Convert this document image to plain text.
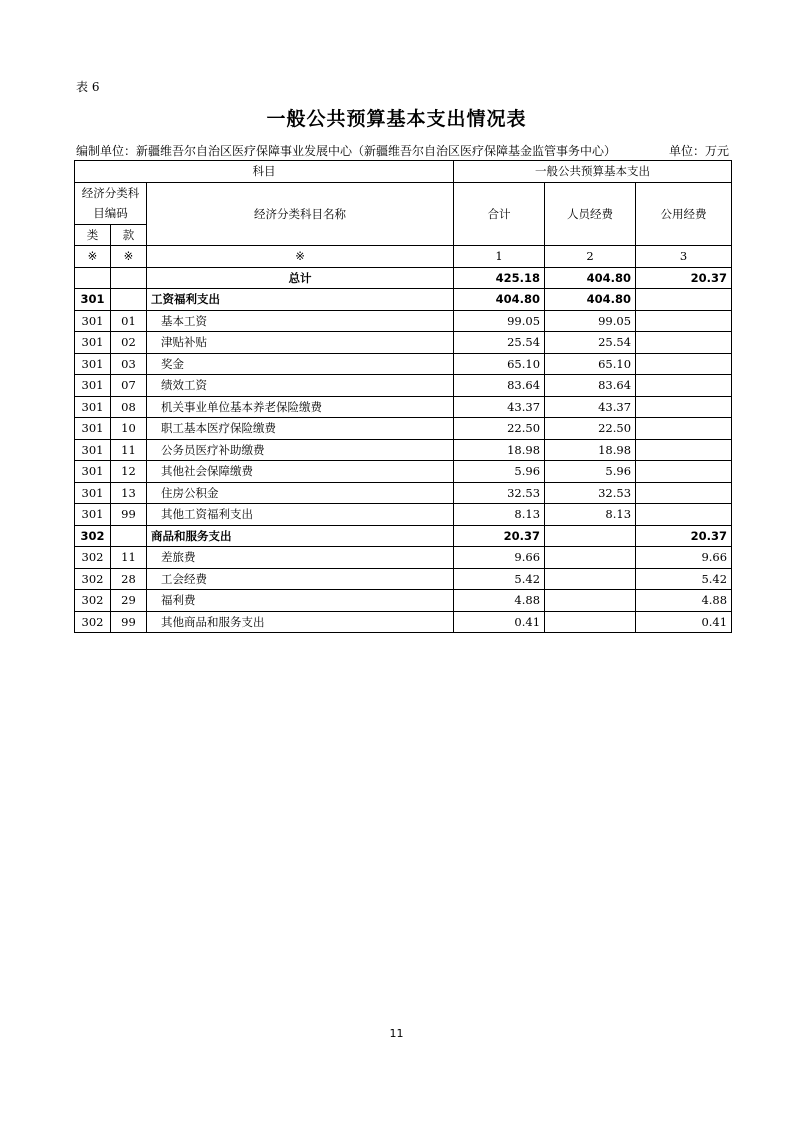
表 6
一般公共预算基本支出情况表
编制单位：新疆维吾尔自治区医疗保障事业发展中心（新疆维吾尔自治区医疗保障基金监管事务中心）	单位：万元
科目			一般公共预算基本支出		
经济分类科目编码		经济分类科目名称	合计	人员经费	公用经费
类	款				
※	※	※	1	2	3
		总计	425.18	404.80	20.37
301		工资福利支出	404.80	404.80	
301	01	基本工资	99.05	99.05	
301	02	津贴补贴	25.54	25.54	
301	03	奖金	65.10	65.10	
301	07	绩效工资	83.64	83.64	
301	08	机关事业单位基本养老保险缴费	43.37	43.37	
301	10	职工基本医疗保险缴费	22.50	22.50	
301	11	公务员医疗补助缴费	18.98	18.98	
301	12	其他社会保障缴费	5.96	5.96	
301	13	住房公积金	32.53	32.53	
301	99	其他工资福利支出	8.13	8.13	
302		商品和服务支出	20.37		20.37
302	11	差旅费	9.66		9.66
302	28	工会经费	5.42		5.42
302	29	福利费	4.88		4.88
302	99	其他商品和服务支出	0.41		0.41
11
